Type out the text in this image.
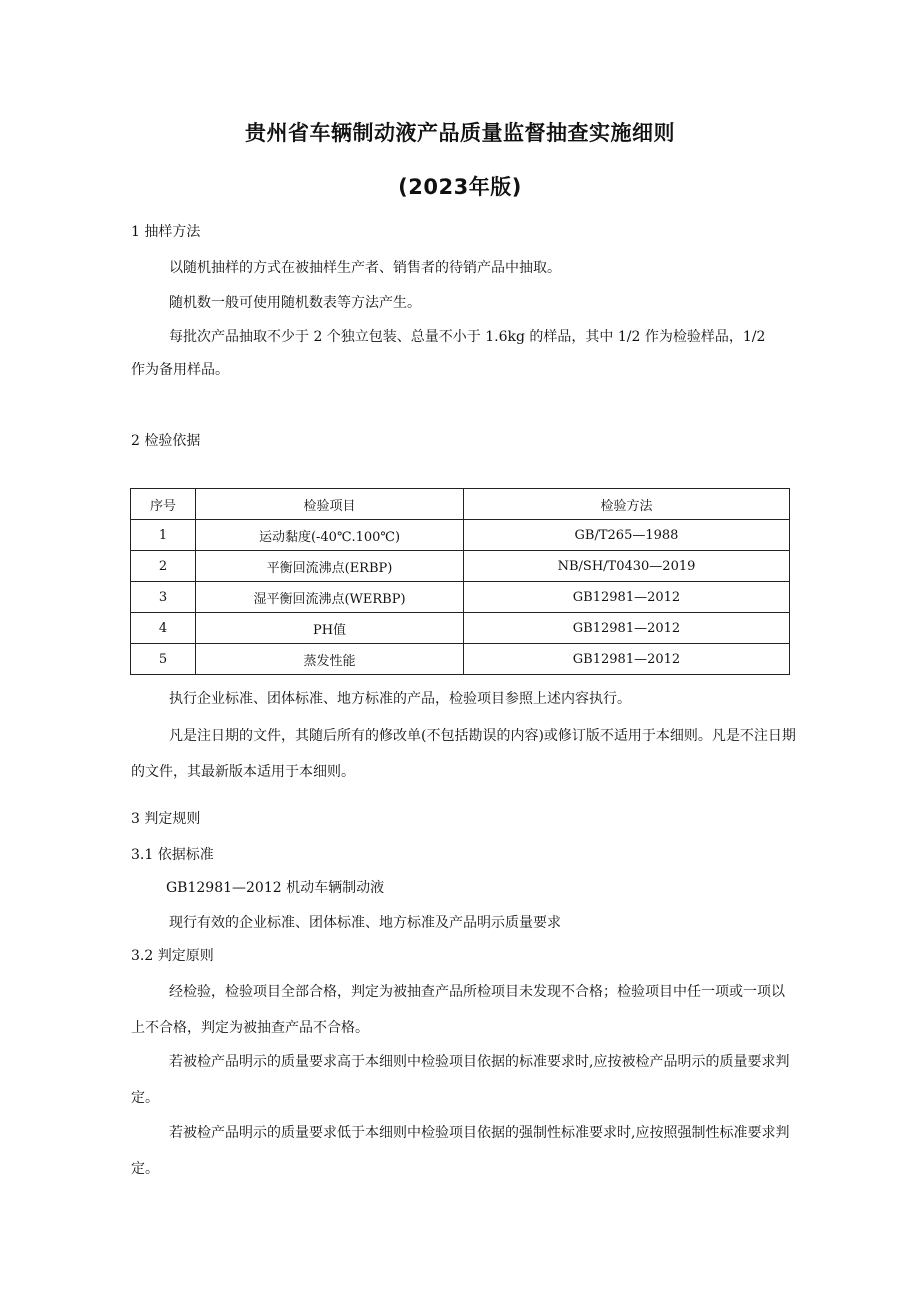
贵州省车辆制动液产品质量监督抽查实施细则
(2023年版)
1 抽样方法
以随机抽样的方式在被抽样生产者、销售者的待销产品中抽取。
随机数一般可使用随机数表等方法产生。
每批次产品抽取不少于 2 个独立包装、总量不小于 1.6kg 的样品，其中 1/2 作为检验样品，1/2
作为备用样品。
2 检验依据
序号	检验项目	检验方法
1	运动黏度(-40℃.100℃)	GB/T265—1988
2	平衡回流沸点(ERBP)	NB/SH/T0430—2019
3	湿平衡回流沸点(WERBP)	GB12981—2012
4	PH值	GB12981—2012
5	蒸发性能	GB12981—2012
执行企业标准、团体标准、地方标准的产品，检验项目参照上述内容执行。
凡是注日期的文件，其随后所有的修改单(不包括勘误的内容)或修订版不适用于本细则。凡是不注日期的文件，其最新版本适用于本细则。
3 判定规则
3.1 依据标准
GB12981—2012 机动车辆制动液
现行有效的企业标准、团体标准、地方标准及产品明示质量要求
3.2 判定原则
经检验，检验项目全部合格，判定为被抽查产品所检项目未发现不合格；检验项目中任一项或一项以上不合格，判定为被抽查产品不合格。
若被检产品明示的质量要求高于本细则中检验项目依据的标准要求时,应按被检产品明示的质量要求判定。
若被检产品明示的质量要求低于本细则中检验项目依据的强制性标准要求时,应按照强制性标准要求判定。
